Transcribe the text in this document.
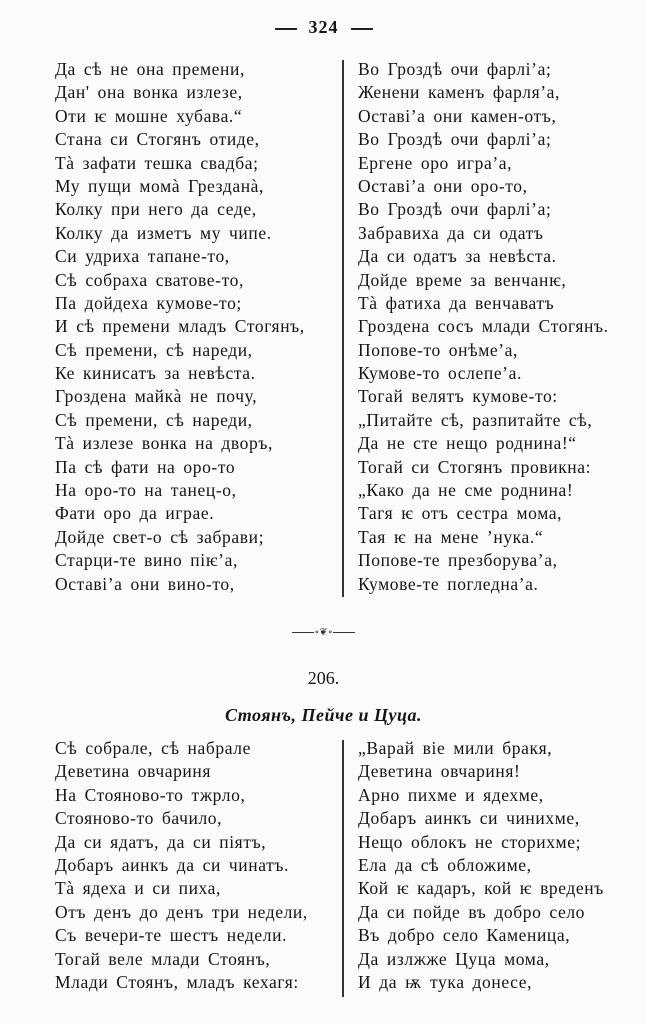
324
Да сѣ не она премени,
Дан' она вонка излезе,
Оти ѥ мошне хубава.“
Стана си Стогянъ отиде,
Тà зафати тешка свадба;
Му пущи момà Грезданà,
Колку при него да седе,
Колку да изметъ му чипе.
Си удриха тапане-то,
Сѣ собраха сватове-то,
Па дойдеха кумове-то;
И сѣ премени младъ Стогянъ,
Сѣ премени, сѣ нареди,
Ке кинисатъ за невѣста.
Гроздена майкà не почу,
Сѣ премени, сѣ нареди,
Тà излезе вонка на дворъ,
Па сѣ фати на оро-то
На оро-то на танец-о,
Фати оро да играе.
Дойде свет-о сѣ забрави;
Старци-те вино пiѥ’а,
Оставi’а они вино-то,
Во Гроздѣ очи фарлi’а;
Женени каменъ фарля’а,
Оставi’а они камен-отъ,
Во Гроздѣ очи фарлi’а;
Ергене оро игра’а,
Оставi’а они оро-то,
Во Гроздѣ очи фарлi’а;
Забравиха да си одатъ
Да си одатъ за невѣста.
Дойде време за венчанѥ,
Тà фатиха да венчаватъ
Гроздена сосъ млади Стогянъ.
Попове-то онѣме’а,
Кумове-то ослепе’а.
Тогай велятъ кумове-то:
„Питайте сѣ, разпитайте сѣ,
Да не сте нещо роднина!“
Тогай си Стогянъ провикна:
„Како да не сме роднина!
Тагя ѥ отъ сестра мома,
Тая ѥ на мене ’нука.“
Попове-те презборува’а,
Кумове-те погледна’а.
∘❦∘
206.
Стоянъ, Пейче и Цуца.
Сѣ собрале, сѣ набрале
Деветина овчариня
На Стояново-то тжрло,
Стояново-то бачило,
Да си ядатъ, да си пiятъ,
Добаръ аинкъ да си чинатъ.
Тà ядеха и си пиха,
Отъ денъ до денъ три недели,
Съ вечери-те шестъ недели.
Тогай веле млади Стоянъ,
Млади Стоянъ, младъ кехагя:
„Варай вiе мили бракя,
Деветина овчариня!
Арно пихме и ядехме,
Добаръ аинкъ си чинихме,
Нещо облокъ не сторихме;
Ела да сѣ обложиме,
Кой ѥ кадаръ, кой ѥ вреденъ
Да си пойде въ добро село
Въ добро село Каменица,
Да излжже Цуца мома,
И да ѭ тука донесе,
